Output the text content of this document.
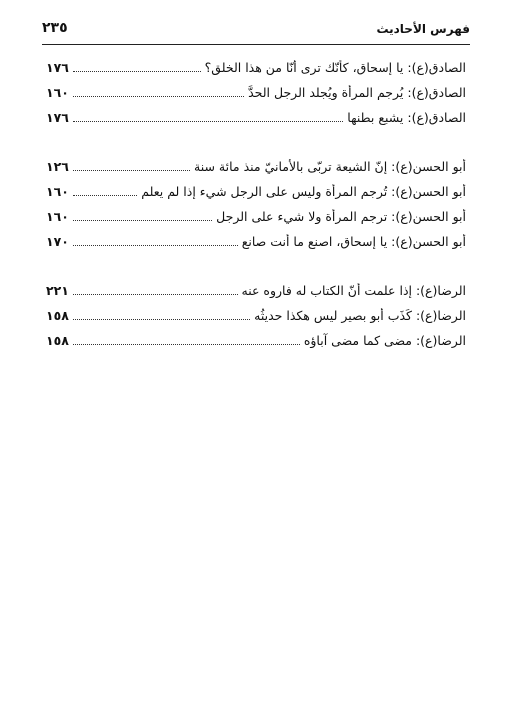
فهرس الأحاديث
٢٣٥
الصادق(ع): يا إسحاق، كأنّك ترى أنّا من هذا الخلق؟
١٧٦
الصادق(ع): يُرجم المرأة ويُجلد الرجل الحدَّ
١٦٠
الصادق(ع): يشبع بطنها
١٧٦
أبو الحسن(ع): إنّ الشيعة تربّى بالأمانيّ منذ مائة سنة
١٢٦
أبو الحسن(ع): تُرجم المرأة وليس على الرجل شيء إذا لم يعلم
١٦٠
أبو الحسن(ع): ترجم المرأة ولا شيء على الرجل
١٦٠
أبو الحسن(ع): يا إسحاق، اصنع ما أنت صانع
١٧٠
الرضا(ع): إذا علمت أنّ الكتاب له فاروه عنه
٢٢١
الرضا(ع): كَذَب أبو بصير ليس هكذا حديثُه
١٥٨
الرضا(ع): مضى كما مضى آباؤه
١٥٨
